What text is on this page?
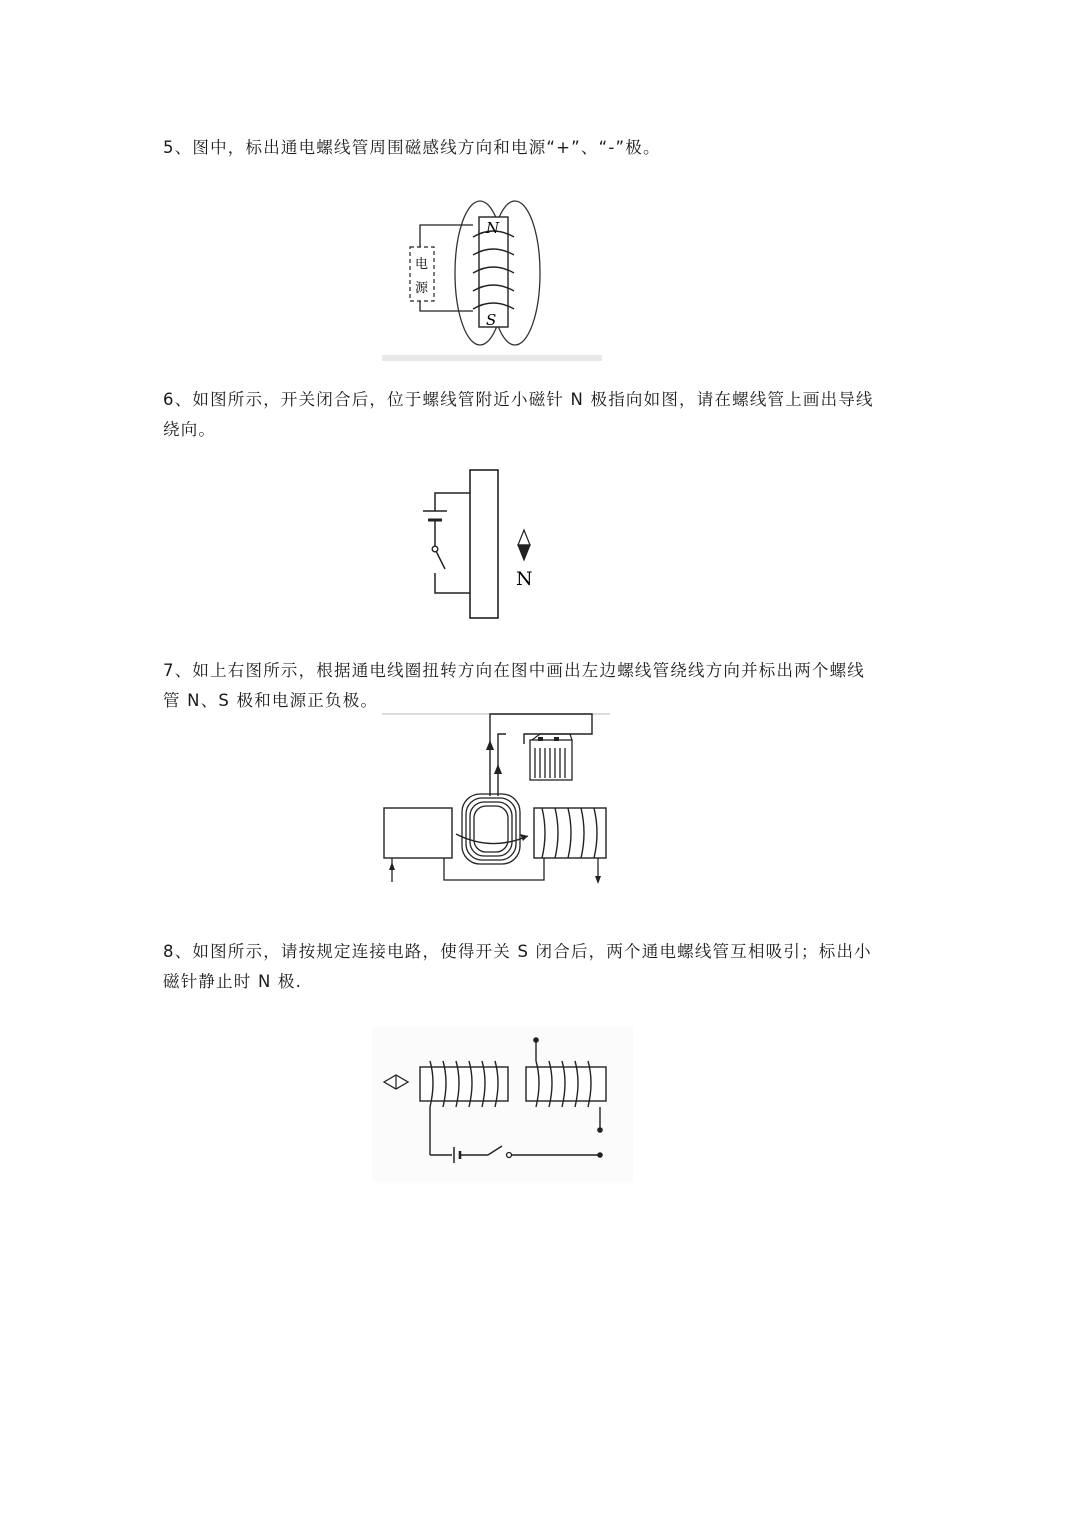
5、图中，标出通电螺线管周围磁感线方向和电源“+”、“-”极。
N
S
电
源
6、如图所示，开关闭合后，位于螺线管附近小磁针 N 极指向如图，请在螺线管上画出导线
绕向。
N
7、如上右图所示，根据通电线圈扭转方向在图中画出左边螺线管绕线方向并标出两个螺线
管 N、S 极和电源正负极。
8、如图所示，请按规定连接电路，使得开关 S 闭合后，两个通电螺线管互相吸引；标出小
磁针静止时 N 极.
